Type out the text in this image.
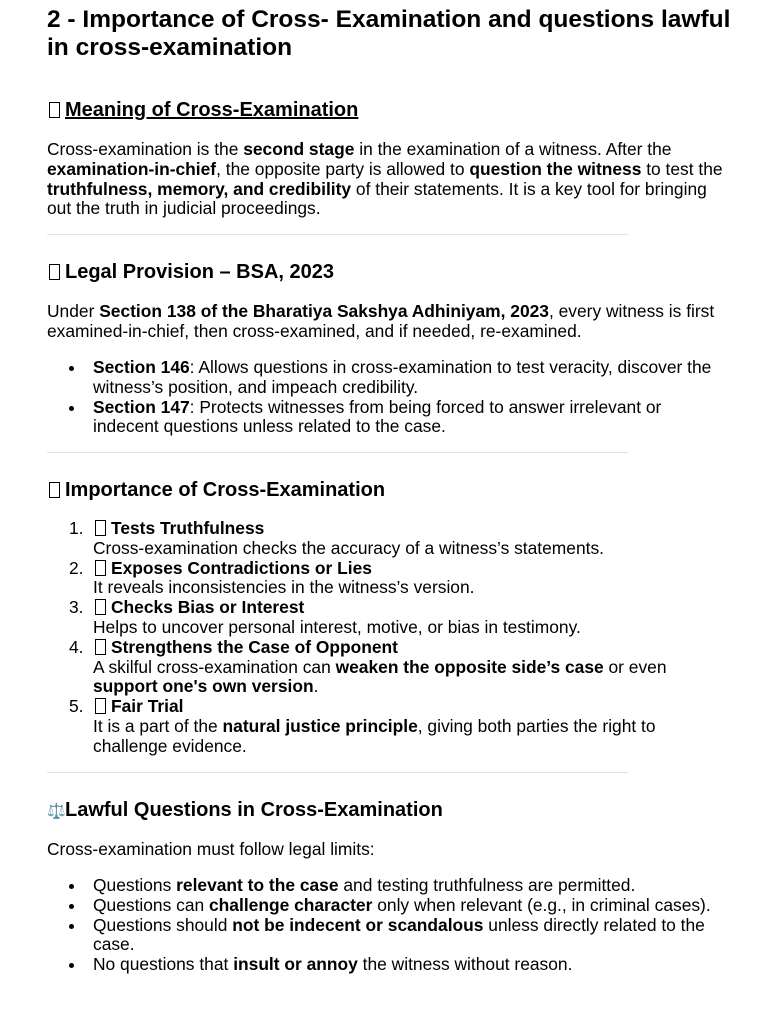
2 - Importance of Cross- Examination and questions lawful in cross-examination
Meaning of Cross-Examination

Cross-examination is the second stage in the examination of a witness. After the examination-in-chief, the opposite party is allowed to question the witness to test the truthfulness, memory, and credibility of their statements. It is a key tool for bringing out the truth in judicial proceedings.

Legal Provision – BSA, 2023

Under Section 138 of the Bharatiya Sakshya Adhiniyam, 2023, every witness is first examined-in-chief, then cross-examined, and if needed, re-examined.

Section 146: Allows questions in cross-examination to test veracity, discover the witness’s position, and impeach credibility.
Section 147: Protects witnesses from being forced to answer irrelevant or indecent questions unless related to the case.
Importance of Cross-Examination
1. Tests Truthfulness
Cross-examination checks the accuracy of a witness’s statements.
2. Exposes Contradictions or Lies
It reveals inconsistencies in the witness’s version.
3. Checks Bias or Interest
Helps to uncover personal interest, motive, or bias in testimony.
4. Strengthens the Case of Opponent
A skilful cross-examination can weaken the opposite side’s case or even support one's own version.
5. Fair Trial
It is a part of the natural justice principle, giving both parties the right to challenge evidence.
⚖️Lawful Questions in Cross-Examination

Cross-examination must follow legal limits:

Questions relevant to the case and testing truthfulness are permitted.
Questions can challenge character only when relevant (e.g., in criminal cases).
Questions should not be indecent or scandalous unless directly related to the case.
No questions that insult or annoy the witness without reason.
